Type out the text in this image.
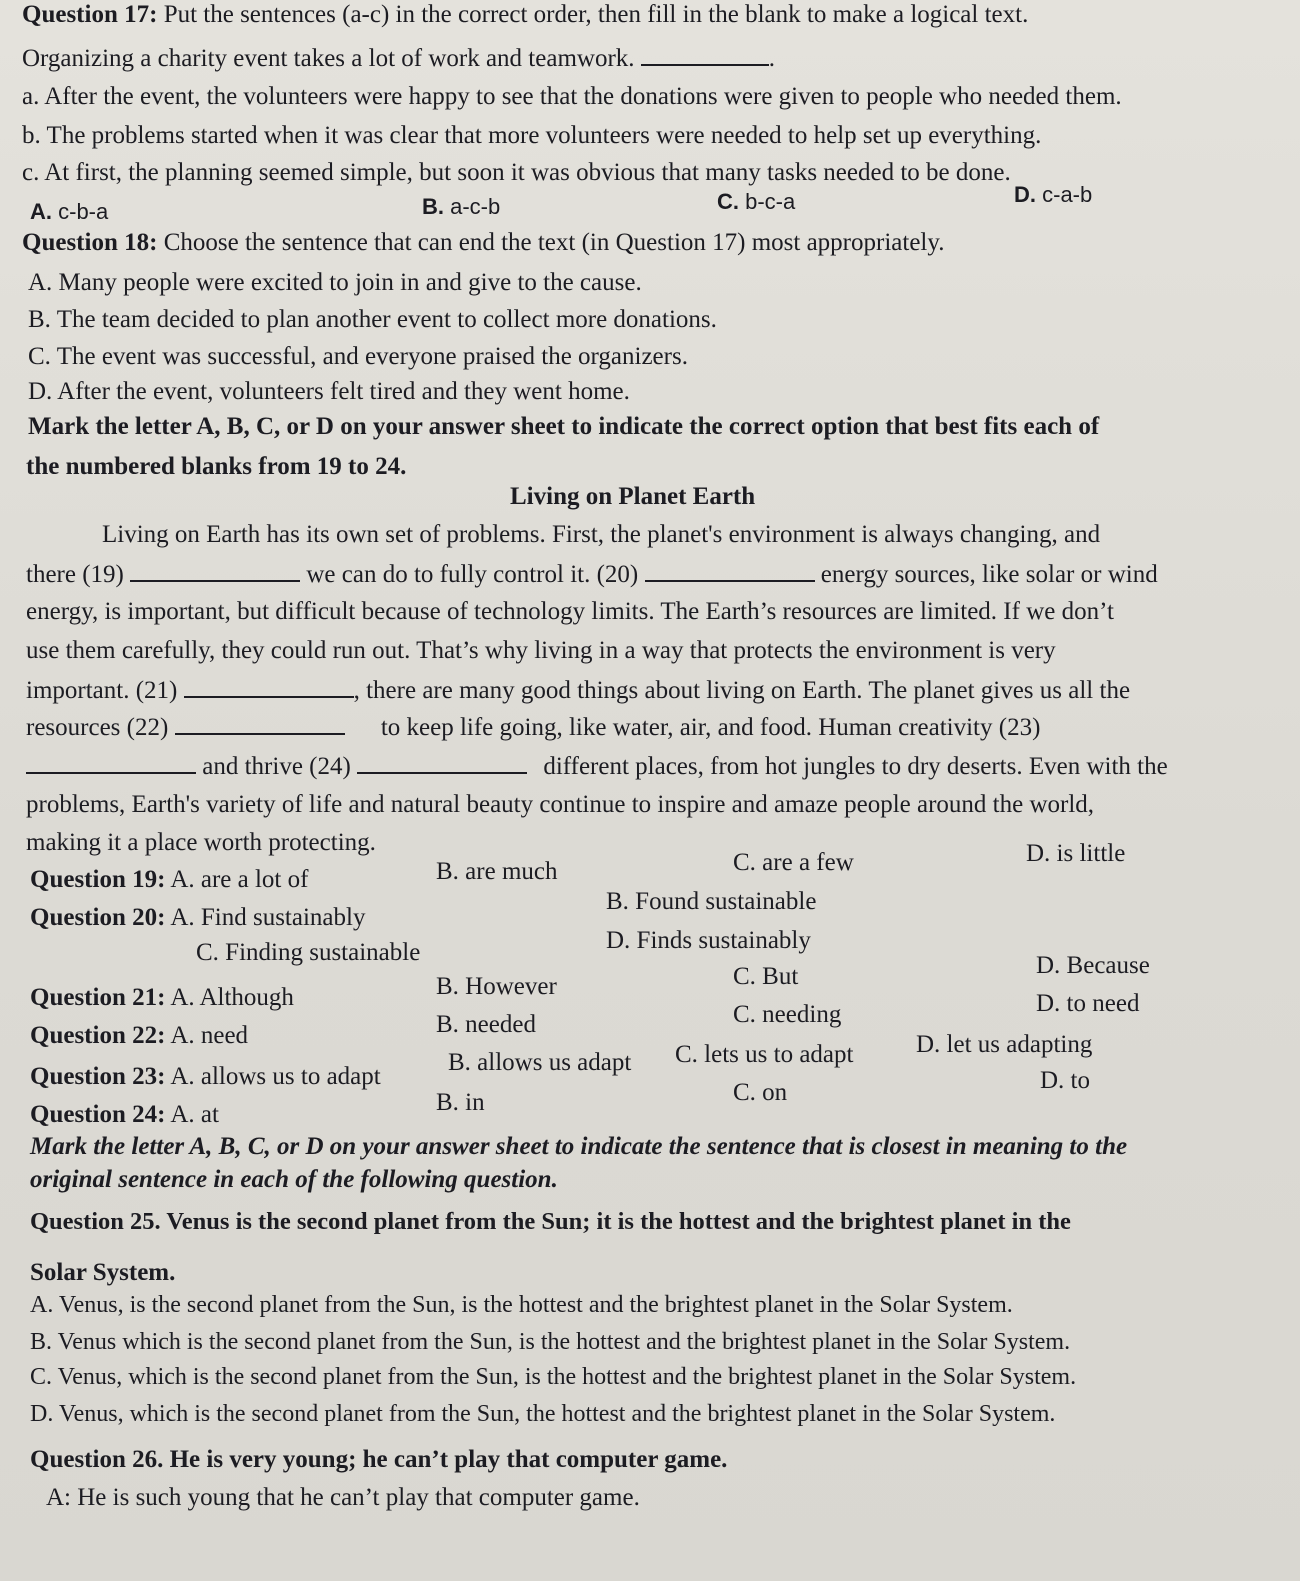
Question 17: Put the sentences (a-c) in the correct order, then fill in the blank to make a logical text.
Organizing a charity event takes a lot of work and teamwork.	.
a. After the event, the volunteers were happy to see that the donations were given to people who needed them.
b. The problems started when it was clear that more volunteers were needed to help set up everything.
c. At first, the planning seemed simple, but soon it was obvious that many tasks needed to be done.
A. c-b-a	B. a-c-b	C. b-c-a	D. c-a-b
Question 18: Choose the sentence that can end the text (in Question 17) most appropriately.
A. Many people were excited to join in and give to the cause.
B. The team decided to plan another event to collect more donations.
C. The event was successful, and everyone praised the organizers.
D. After the event, volunteers felt tired and they went home.
Mark the letter A, B, C, or D on your answer sheet to indicate the correct option that best fits each of
the numbered blanks from 19 to 24.
Living on Planet Earth
Living on Earth has its own set of problems. First, the planet's environment is always changing, and
there (19)	we can do to fully control it. (20)	energy sources, like solar or wind
energy, is important, but difficult because of technology limits. The Earth’s resources are limited. If we don’t
use them carefully, they could run out. That’s why living in a way that protects the environment is very
important. (21)	, there are many good things about living on Earth. The planet gives us all the
resources (22)	to keep life going, like water, air, and food. Human creativity (23)
and thrive (24)	different places, from hot jungles to dry deserts. Even with the
problems, Earth's variety of life and natural beauty continue to inspire and amaze people around the world,
making it a place worth protecting.
Question 19: A. are a lot of	B. are much	C. are a few	D. is little
Question 20: A. Find sustainably
B. Found sustainable
C. Finding sustainable	D. Finds sustainably
Question 21: A. Although	B. However	C. But	D. Because
Question 22: A. need	B. needed	C. needing	D. to need
Question 23: A. allows us to adapt
B. allows us adapt C. lets us to adapt	D. let us adapting
Question 24: A. at	B. in	C. on	D. to
Mark the letter A, B, C, or D on your answer sheet to indicate the sentence that is closest in meaning to the
original sentence in each of the following question.
Question 25. Venus is the second planet from the Sun; it is the hottest and the brightest planet in the
Solar System.
A. Venus, is the second planet from the Sun, is the hottest and the brightest planet in the Solar System.
B. Venus which is the second planet from the Sun, is the hottest and the brightest planet in the Solar System.
C. Venus, which is the second planet from the Sun, is the hottest and the brightest planet in the Solar System.
D. Venus, which is the second planet from the Sun, the hottest and the brightest planet in the Solar System.
Question 26. He is very young; he can’t play that computer game.
A: He is such young that he can’t play that computer game.
